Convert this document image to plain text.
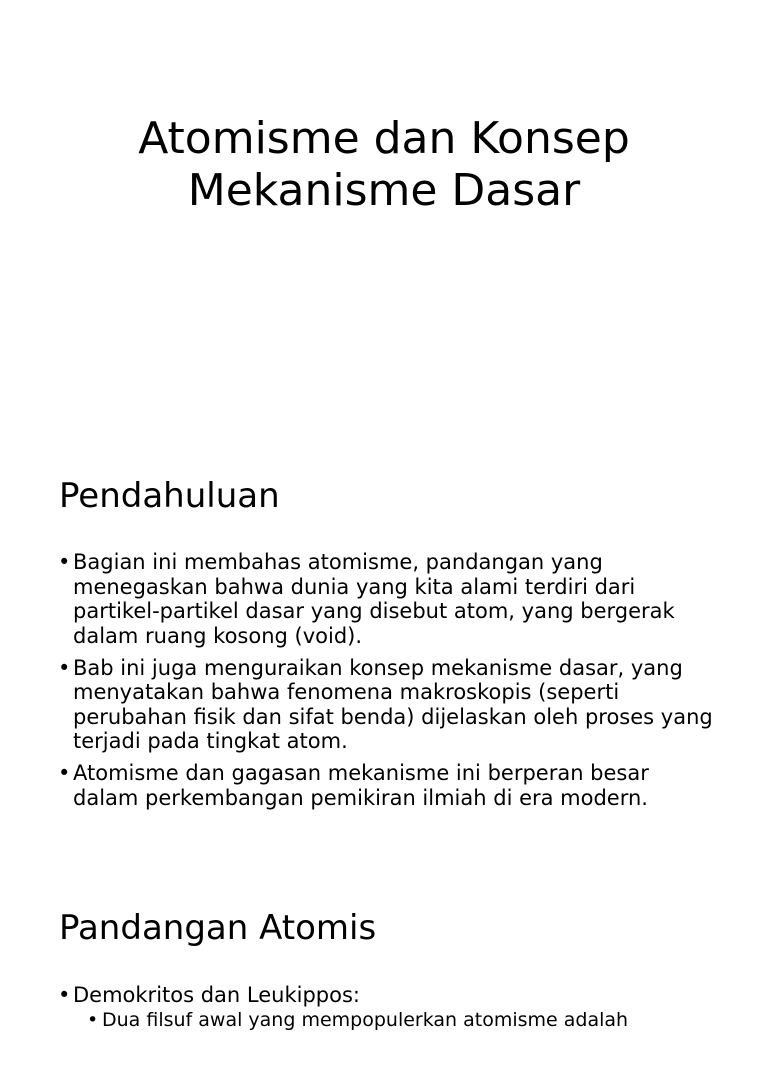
Atomisme dan Konsep
Mekanisme Dasar
Pendahuluan
• Bagian ini membahas atomisme, pandangan yang menegaskan bahwa dunia yang kita alami terdiri dari partikel-partikel dasar yang disebut atom, yang bergerak dalam ruang kosong (void).
• Bab ini juga menguraikan konsep mekanisme dasar, yang menyatakan bahwa fenomena makroskopis (seperti perubahan fisik dan sifat benda) dijelaskan oleh proses yang terjadi pada tingkat atom.
• Atomisme dan gagasan mekanisme ini berperan besar dalam perkembangan pemikiran ilmiah di era modern.
Pandangan Atomis
• Demokritos dan Leukippos:
• Dua filsuf awal yang mempopulerkan atomisme adalah
